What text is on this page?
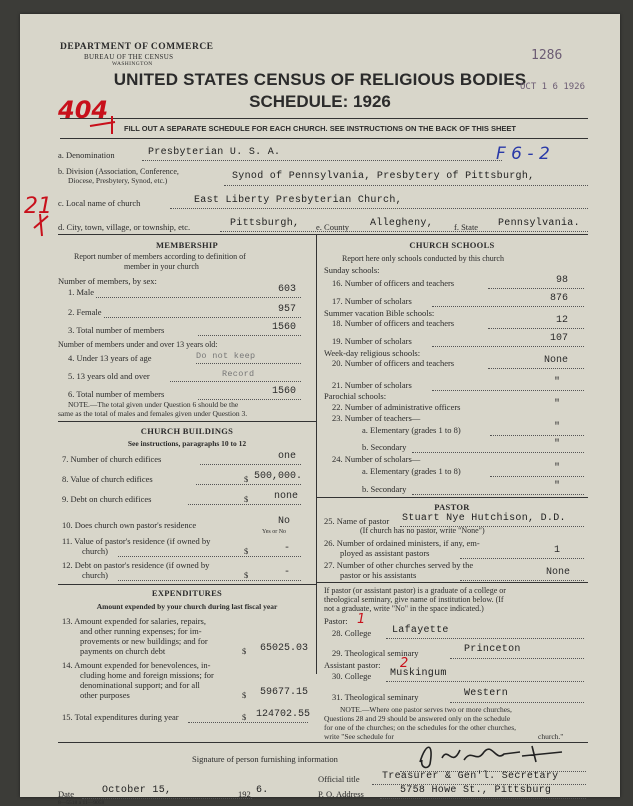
DEPARTMENT OF COMMERCE
BUREAU OF THE CENSUS
WASHINGTON
UNITED STATES CENSUS OF RELIGIOUS BODIES
SCHEDULE: 1926
FILL OUT A SEPARATE SCHEDULE FOR EACH CHURCH. SEE INSTRUCTIONS ON THE BACK OF THIS SHEET
404
1286
OCT 1 6 1926
F 6 - 2
21
a. Denomination	Presbyterian U. S. A.
b. Division (Association, Conference,
Diocese, Presbytery, Synod, etc.)	Synod of Pennsylvania, Presbytery of Pittsburgh,
c. Local name of church	East Liberty Presbyterian Church,
d. City, town, village, or township, etc.	Pittsburgh, e. County Allegheny, f. State Pennsylvania.
MEMBERSHIP
Report number of members according to definition of
member in your church
Number of members, by sex:
1. Male	603
2. Female	957
3. Total number of members	1560
Number of members under and over 13 years old:
4. Under 13 years of age	Do not keep
5. 13 years old and over	Record
6. Total number of members	1560
NOTE.—The total given under Question 6 should be the
same as the total of males and females given under Question 3.
CHURCH BUILDINGS
See instructions, paragraphs 10 to 12
7. Number of church edifices	one
8. Value of church edifices	$ 500,000.
9. Debt on church edifices	$	none
10. Does church own pastor's residence	No
Yes or No
11. Value of pastor's residence (if owned by
church)	$	-
12. Debt on pastor's residence (if owned by
church)	$	-
EXPENDITURES
Amount expended by your church during last fiscal year
13. Amount expended for salaries, repairs,
and other running expenses; for im-
provements or new buildings; and for
payments on church debt	$	65025.03
14. Amount expended for benevolences, in-
cluding home and foreign missions; for
denominational support; and for all
other purposes	$	59677.15
15. Total expenditures during year	$ 124702.55
CHURCH SCHOOLS
Report here only schools conducted by this church
Sunday schools:
16. Number of officers and teachers	98
17. Number of scholars	876
Summer vacation Bible schools:
18. Number of officers and teachers	12
19. Number of scholars	107
Week-day religious schools:
20. Number of officers and teachers	None
21. Number of scholars	"
Parochial schools:
22. Number of administrative officers	"
23. Number of teachers—
a. Elementary (grades 1 to 8)	"
b. Secondary	"
24. Number of scholars—
a. Elementary (grades 1 to 8)	"
b. Secondary	"
PASTOR
25. Name of pastor Stuart Nye Hutchison, D.D.
(If church has no pastor, write "None")
26. Number of ordained ministers, if any, em-
ployed as assistant pastors	1
27. Number of other churches served by the
pastor or his assistants	None
If pastor (or assistant pastor) is a graduate of a college or
theological seminary, give name of institution below. (If
not a graduate, write "No" in the space indicated.)
Pastor: 1
28. College Lafayette
29. Theological seminary	Princeton
Assistant pastor: 2
30. College Muskingum
31. Theological seminary	Western
NOTE.—Where one pastor serves two or more churches,
Questions 28 and 29 should be answered only on the schedule
for one of the churches; on the schedules for the other churches,
write "See schedule for	church."
Signature of person furnishing information
Official title Treasurer & Gen'l. Secretary
Date	October 15,	192 6.	P. O. Address	5758 Howe St., Pittsburg
8—5518 a 11—9058
